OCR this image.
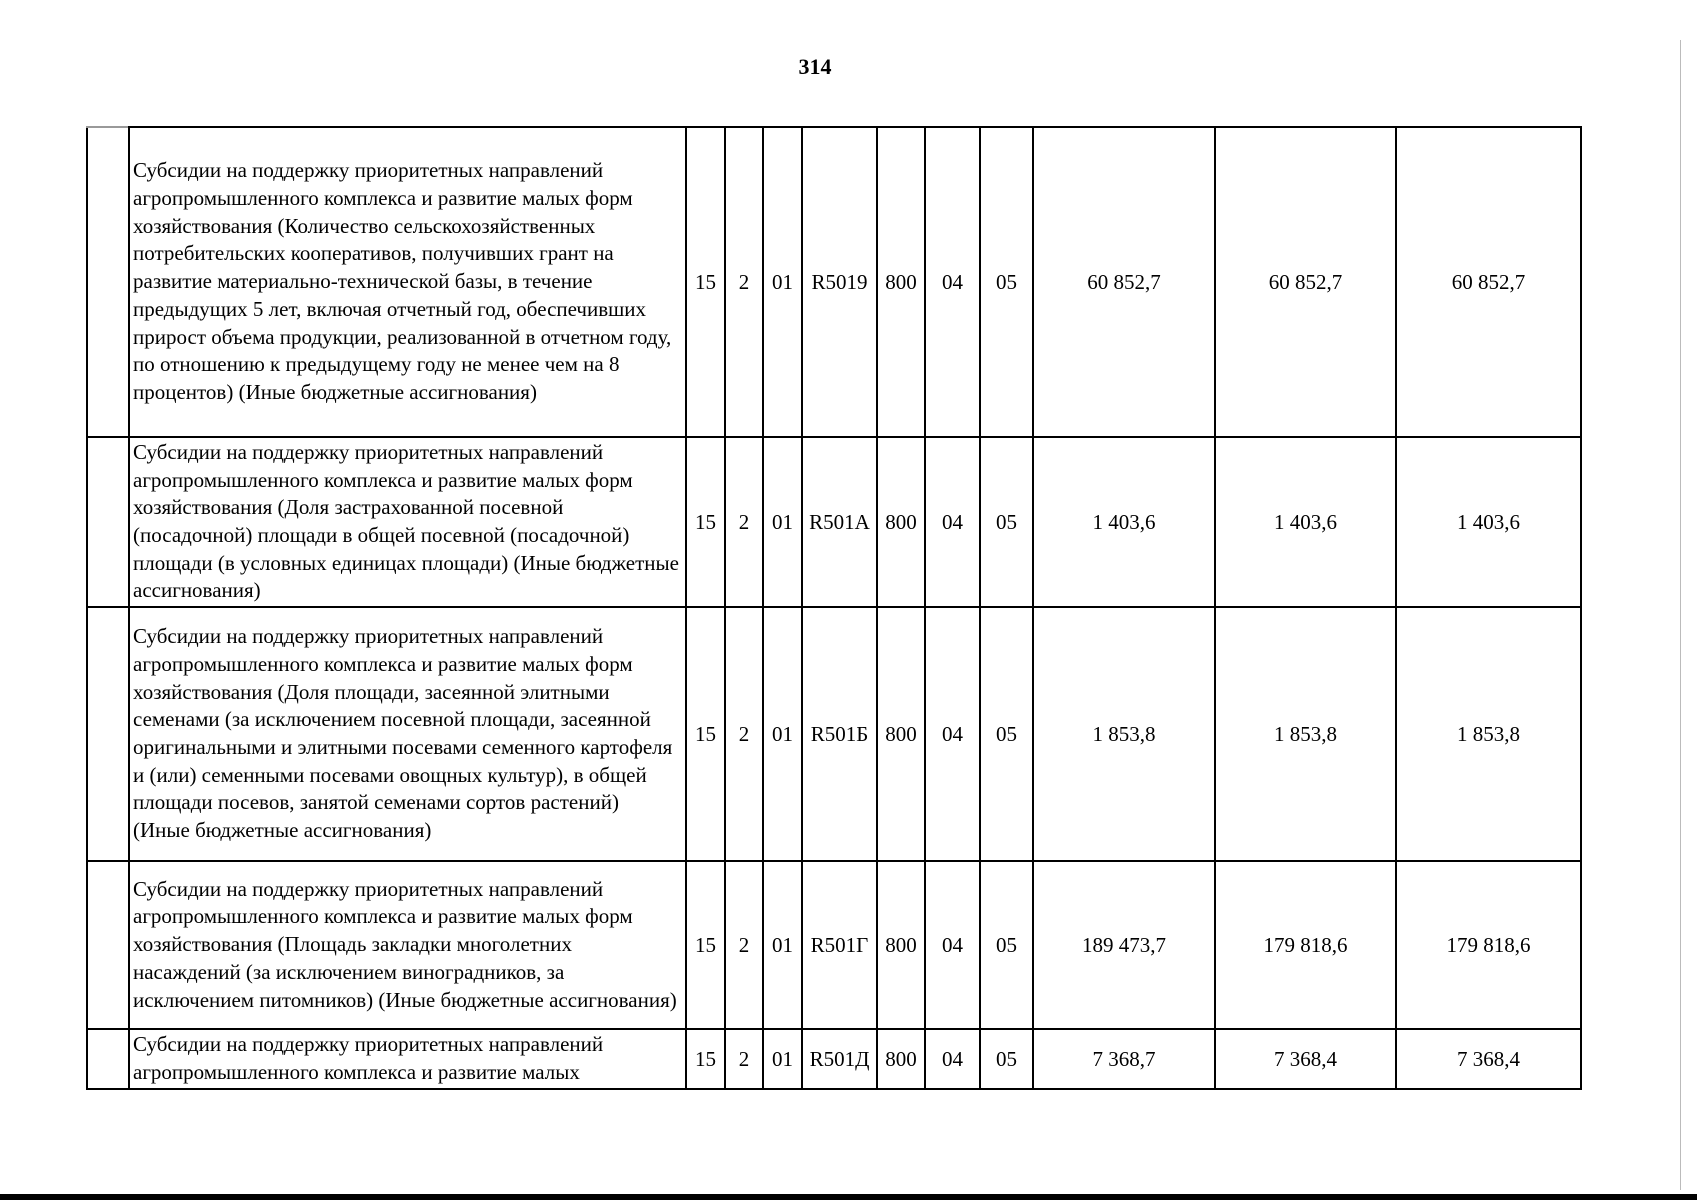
314
	Субсидии на поддержку приоритетных направлений агропромышленного комплекса и развитие малых форм хозяйствования (Количество сельскохозяйственных потребительских кооперативов, получивших грант на развитие материально-технической базы, в течение предыдущих 5 лет, включая отчетный год, обеспечивших прирост объема продукции, реализованной в отчетном году, по отношению к предыдущему году не менее чем на 8 процентов) (Иные бюджетные ассигнования)	15	2	01	R5019	800	04	05	60 852,7	60 852,7	60 852,7
	Субсидии на поддержку приоритетных направлений агропромышленного комплекса и развитие малых форм хозяйствования (Доля застрахованной посевной (посадочной) площади в общей посевной (посадочной) площади (в условных единицах площади) (Иные бюджетные ассигнования)	15	2	01	R501А	800	04	05	1 403,6	1 403,6	1 403,6
	Субсидии на поддержку приоритетных направлений агропромышленного комплекса и развитие малых форм хозяйствования (Доля площади, засеянной элитными семенами (за исключением посевной площади, засеянной оригинальными и элитными посевами семенного картофеля и (или) семенными посевами овощных культур), в общей площади посевов, занятой семенами сортов растений) (Иные бюджетные ассигнования)	15	2	01	R501Б	800	04	05	1 853,8	1 853,8	1 853,8
	Субсидии на поддержку приоритетных направлений агропромышленного комплекса и развитие малых форм хозяйствования (Площадь закладки многолетних насаждений (за исключением виноградников, за исключением питомников) (Иные бюджетные ассигнования)	15	2	01	R501Г	800	04	05	189 473,7	179 818,6	179 818,6
	Субсидии на поддержку приоритетных направлений агропромышленного комплекса и развитие малых	15	2	01	R501Д	800	04	05	7 368,7	7 368,4	7 368,4
